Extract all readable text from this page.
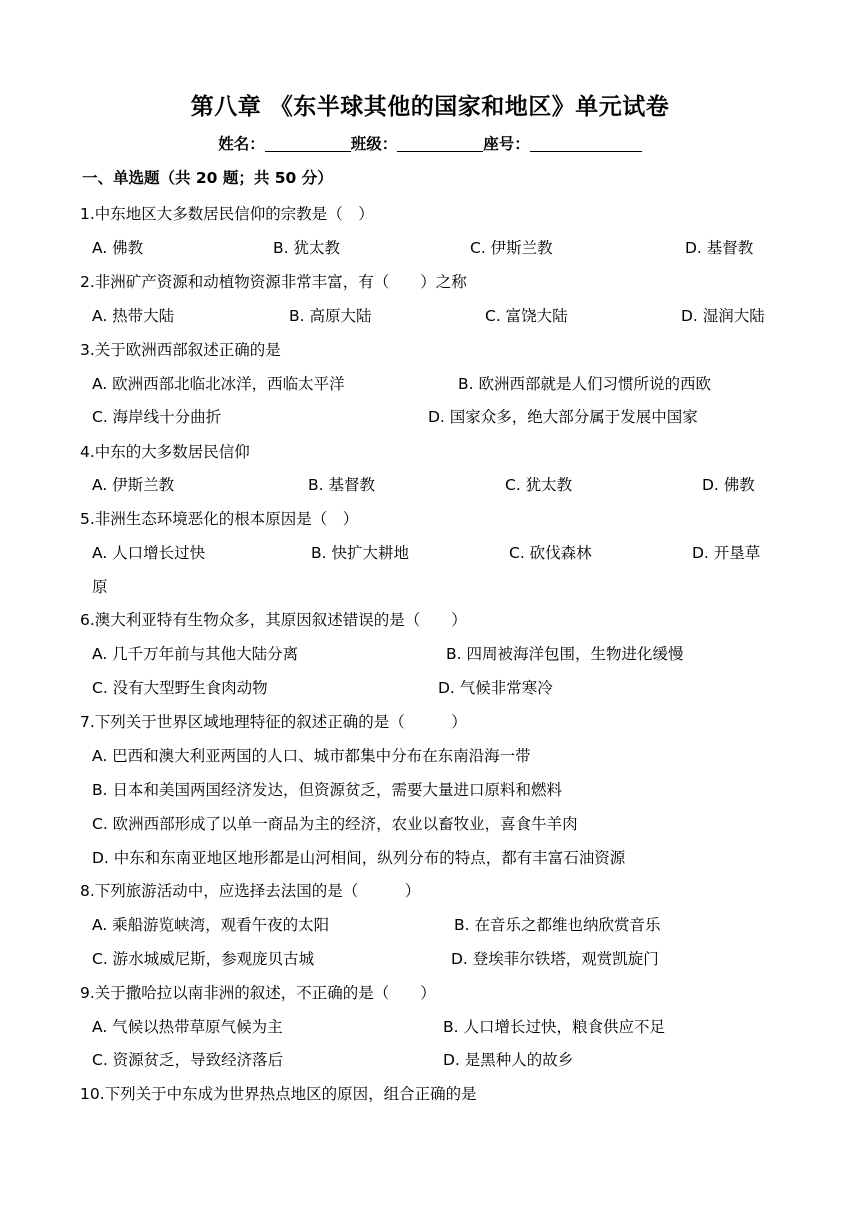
第八章 《东半球其他的国家和地区》单元试卷
姓名：	班级：	座号：
一、单选题（共 20 题；共 50 分）
1.中东地区大多数居民信仰的宗教是（　）
A. 佛教	B. 犹太教	C. 伊斯兰教	D. 基督教
2.非洲矿产资源和动植物资源非常丰富，有（　　）之称
A. 热带大陆	B. 高原大陆	C. 富饶大陆	D. 湿润大陆
3.关于欧洲西部叙述正确的是
A. 欧洲西部北临北冰洋，西临太平洋	B. 欧洲西部就是人们习惯所说的西欧
C. 海岸线十分曲折	D. 国家众多，绝大部分属于发展中国家
4.中东的大多数居民信仰
A. 伊斯兰教	B. 基督教	C. 犹太教	D. 佛教
5.非洲生态环境恶化的根本原因是（　）
A. 人口增长过快	B. 快扩大耕地	C. 砍伐森林	D. 开垦草
原
6.澳大利亚特有生物众多，其原因叙述错误的是（　　）
A. 几千万年前与其他大陆分离	B. 四周被海洋包围，生物进化缓慢
C. 没有大型野生食肉动物	D. 气候非常寒冷
7.下列关于世界区域地理特征的叙述正确的是（　　　）
A. 巴西和澳大利亚两国的人口、城市都集中分布在东南沿海一带
B. 日本和美国两国经济发达，但资源贫乏，需要大量进口原料和燃料
C. 欧洲西部形成了以单一商品为主的经济，农业以畜牧业，喜食牛羊肉
D. 中东和东南亚地区地形都是山河相间，纵列分布的特点，都有丰富石油资源
8.下列旅游活动中，应选择去法国的是（　　　）
A. 乘船游览峡湾，观看午夜的太阳	B. 在音乐之都维也纳欣赏音乐
C. 游水城威尼斯，参观庞贝古城	D. 登埃菲尔铁塔，观赏凯旋门
9.关于撒哈拉以南非洲的叙述，不正确的是（　　）
A. 气候以热带草原气候为主	B. 人口增长过快，粮食供应不足
C. 资源贫乏，导致经济落后	D. 是黑种人的故乡
10.下列关于中东成为世界热点地区的原因，组合正确的是
